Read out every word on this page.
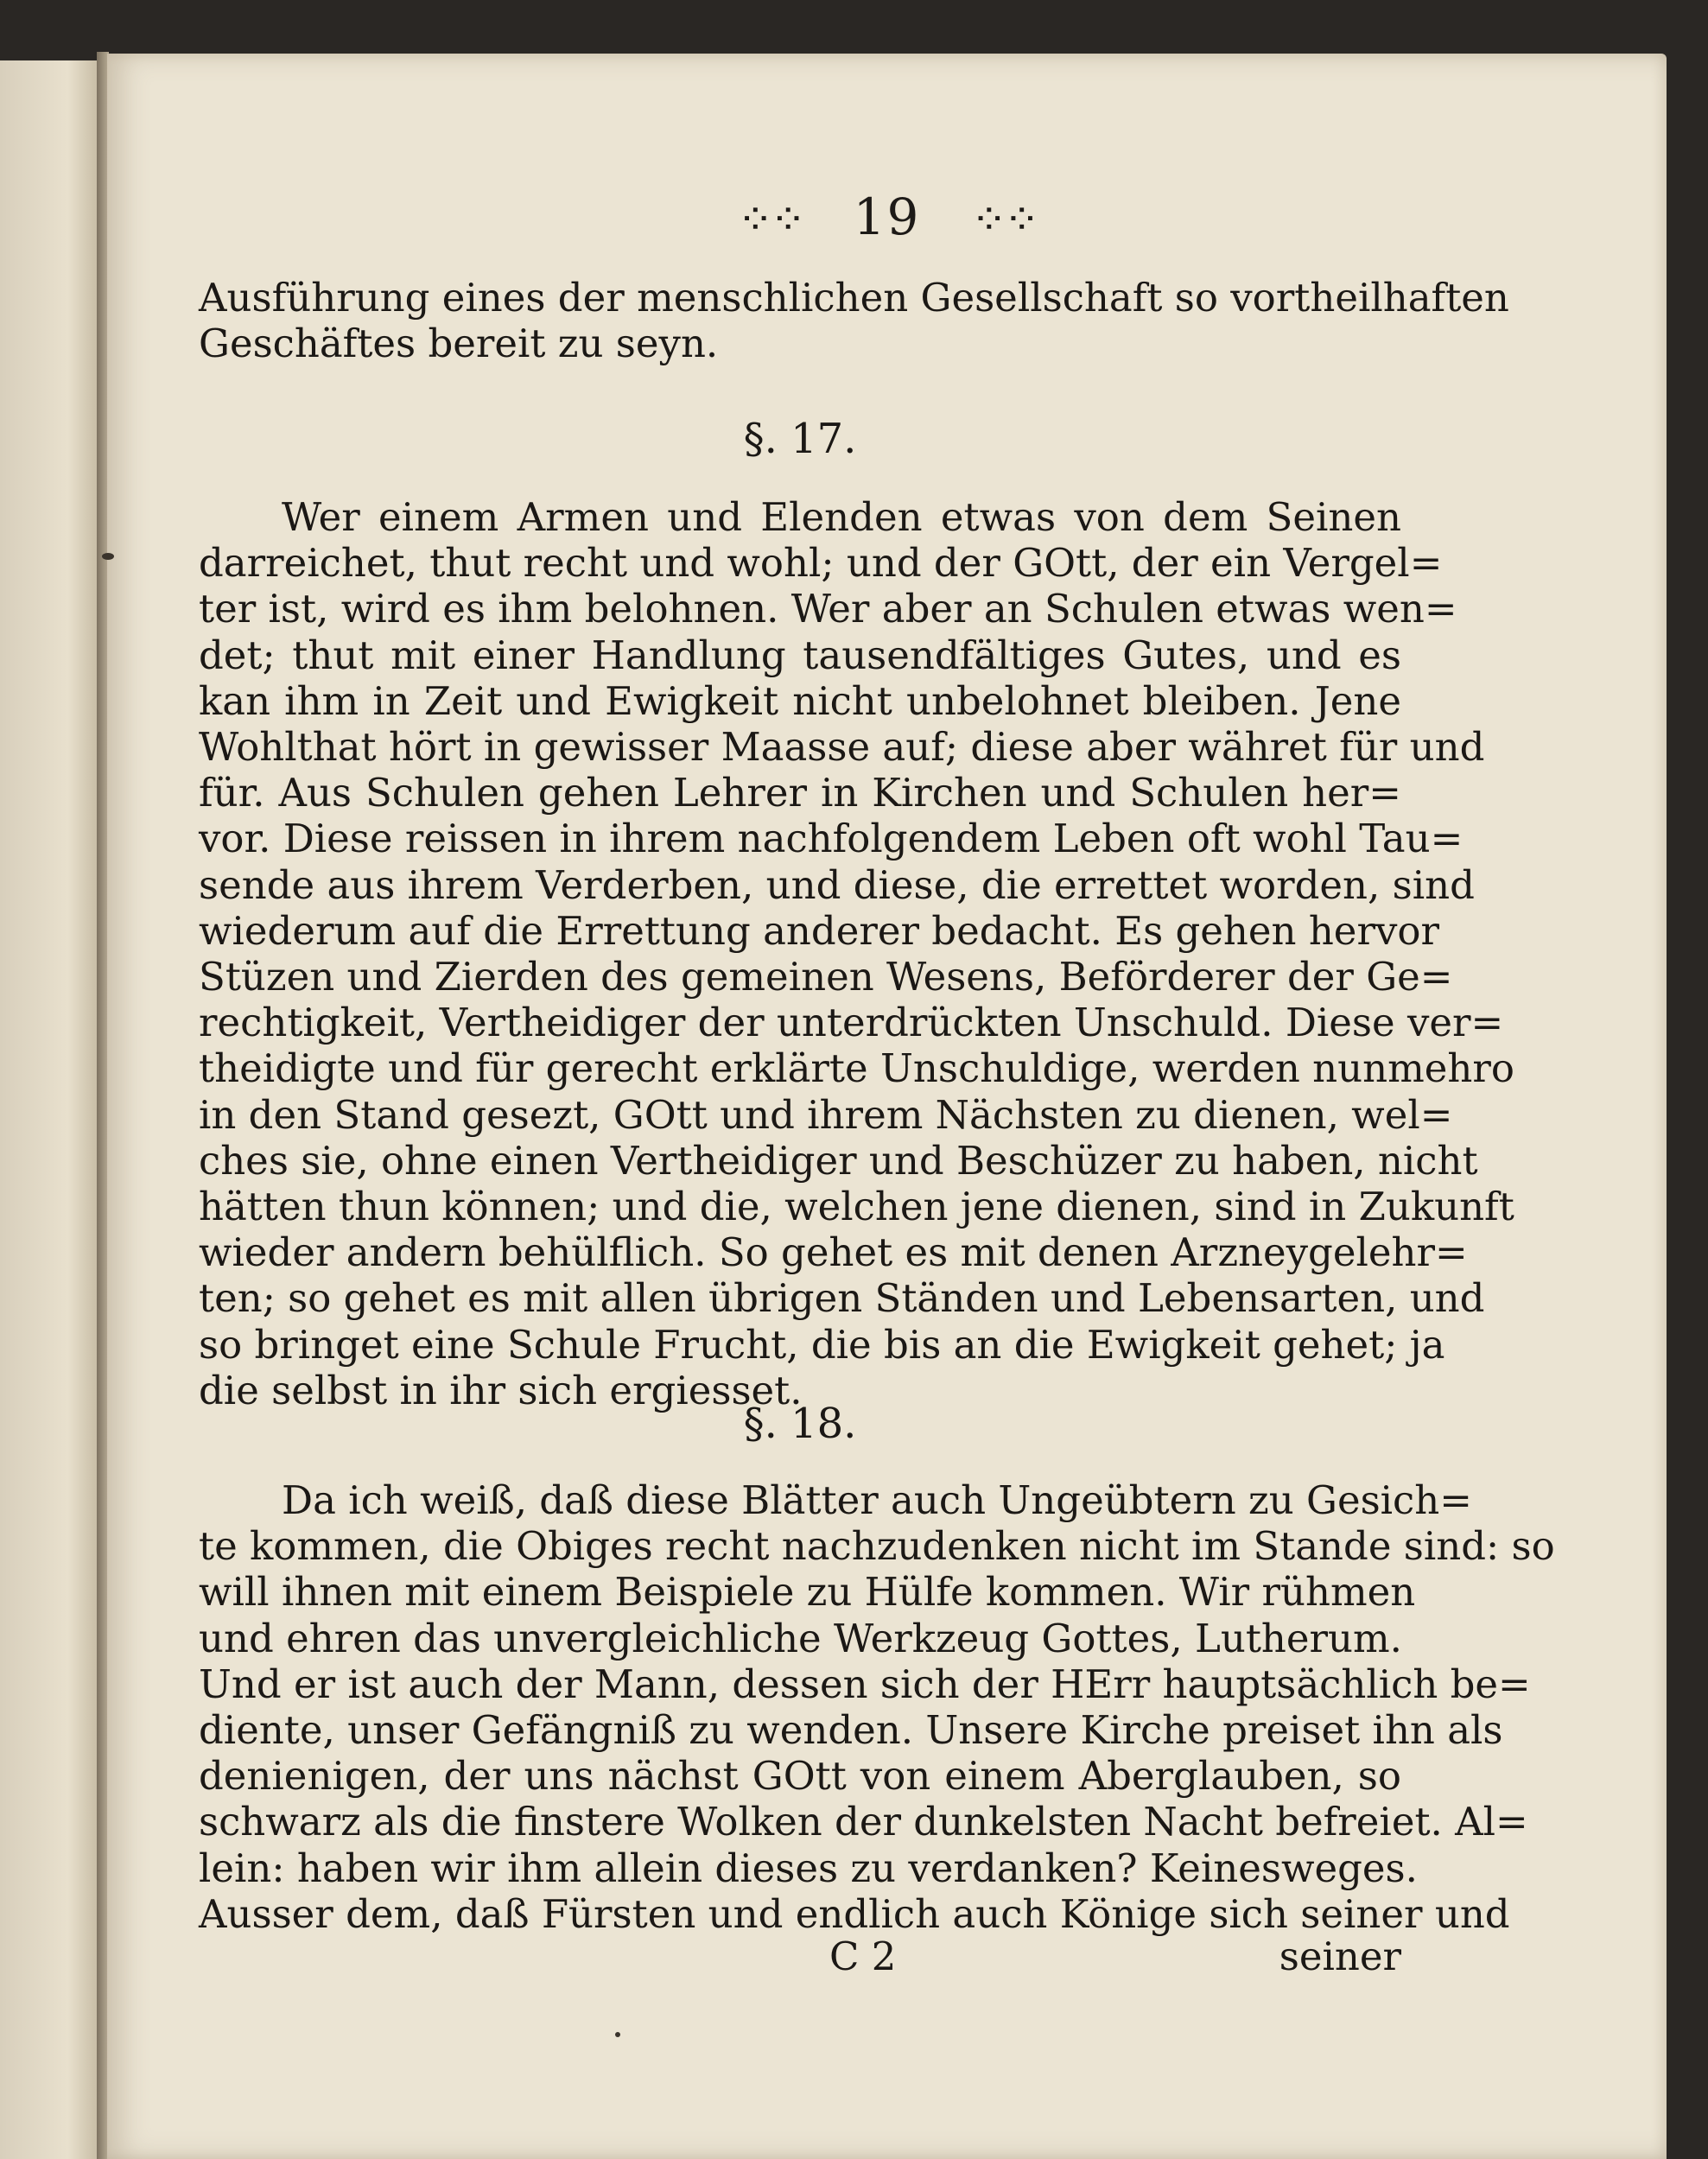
⁘⁘ 19 ⁘⁘
Ausführung eines der menschlichen Gesellschaft so vortheilhaften
Geschäftes bereit zu seyn.
§. 17.
Wer einem Armen und Elenden etwas von dem Seinen
darreichet, thut recht und wohl; und der GOtt, der ein Vergel=
ter ist, wird es ihm belohnen. Wer aber an Schulen etwas wen=
det; thut mit einer Handlung tausendfältiges Gutes, und es
kan ihm in Zeit und Ewigkeit nicht unbelohnet bleiben. Jene
Wohlthat hört in gewisser Maasse auf; diese aber währet für und
für. Aus Schulen gehen Lehrer in Kirchen und Schulen her=
vor. Diese reissen in ihrem nachfolgendem Leben oft wohl Tau=
sende aus ihrem Verderben, und diese, die errettet worden, sind
wiederum auf die Errettung anderer bedacht. Es gehen hervor
Stüzen und Zierden des gemeinen Wesens, Beförderer der Ge=
rechtigkeit, Vertheidiger der unterdrückten Unschuld. Diese ver=
theidigte und für gerecht erklärte Unschuldige, werden nunmehro
in den Stand gesezt, GOtt und ihrem Nächsten zu dienen, wel=
ches sie, ohne einen Vertheidiger und Beschüzer zu haben, nicht
hätten thun können; und die, welchen jene dienen, sind in Zukunft
wieder andern behülflich. So gehet es mit denen Arzneygelehr=
ten; so gehet es mit allen übrigen Ständen und Lebensarten, und
so bringet eine Schule Frucht, die bis an die Ewigkeit gehet; ja
die selbst in ihr sich ergiesset.
§. 18.
Da ich weiß, daß diese Blätter auch Ungeübtern zu Gesich=
te kommen, die Obiges recht nachzudenken nicht im Stande sind: so
will ihnen mit einem Beispiele zu Hülfe kommen. Wir rühmen
und ehren das unvergleichliche Werkzeug Gottes, Lutherum.
Und er ist auch der Mann, dessen sich der HErr hauptsächlich be=
diente, unser Gefängniß zu wenden. Unsere Kirche preiset ihn als
denienigen, der uns nächst GOtt von einem Aberglauben, so
schwarz als die finstere Wolken der dunkelsten Nacht befreiet. Al=
lein: haben wir ihm allein dieses zu verdanken? Keinesweges.
Ausser dem, daß Fürsten und endlich auch Könige sich seiner und
C 2	seiner
